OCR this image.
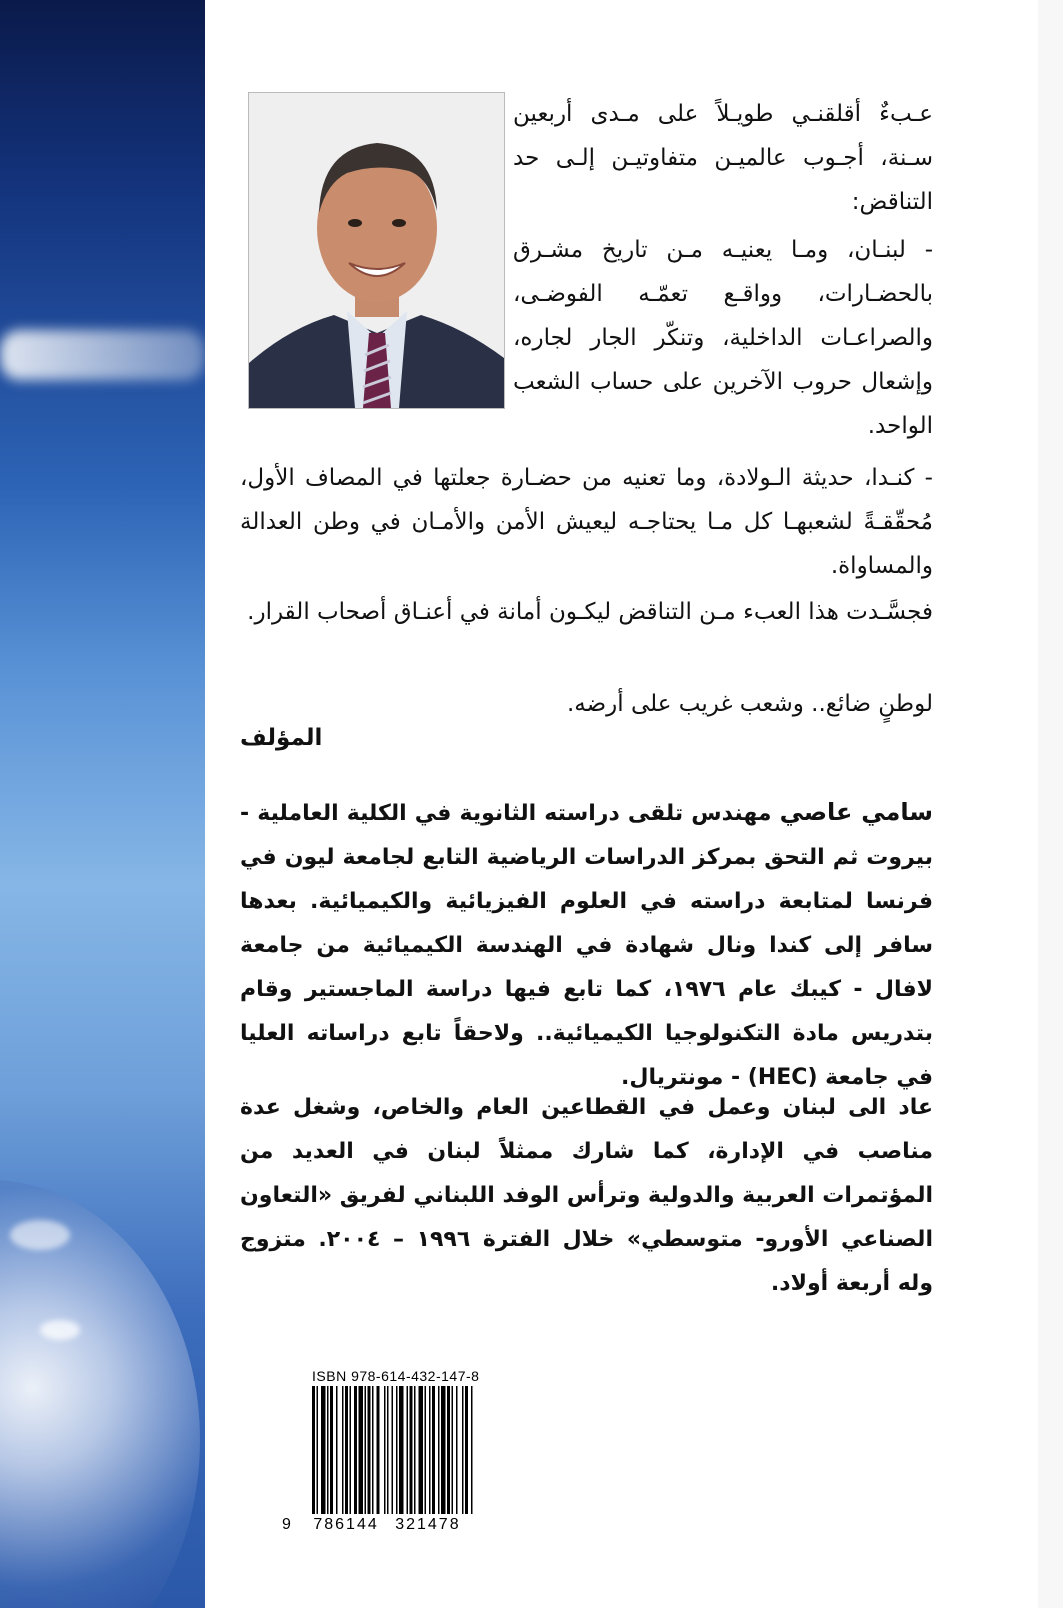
عـبءٌ أقلقنـي طويـلاً على مـدى أربعين سـنة، أجـوب عالميـن متفاوتيـن إلـى حد التناقض:

- لبنـان، ومـا يعنيـه مـن تاريخ مشـرق بالحضـارات، وواقـع تعمّـه الفوضـى، والصراعـات الداخلية، وتنكّر الجار لجاره، وإشعال حروب الآخرين على حساب الشعب الواحد.

- كنـدا، حديثة الـولادة، وما تعنيه من حضـارة جعلتها في المصاف الأول، مُحقّقـةً لشعبهـا كل مـا يحتاجـه ليعيش الأمن والأمـان في وطن العدالة والمساواة.

فجسَّـدت هذا العبء مـن التناقض ليكـون أمانة في أعنـاق أصحاب القرار.

لوطنٍ ضائع.. وشعب غريب على أرضه.

المؤلف

سامي عاصي مهندس تلقى دراسته الثانوية في الكلية العاملية - بيروت ثم التحق بمركز الدراسات الرياضية التابع لجامعة ليون في فرنسا لمتابعة دراسته في العلوم الفيزيائية والكيميائية. بعدها سافر إلى كندا ونال شهادة في الهندسة الكيميائية من جامعة لافال - كيبك عام ١٩٧٦، كما تابع فيها دراسة الماجستير وقام بتدريس مادة التكنولوجيا الكيميائية.. ولاحقاً تابع دراساته العليا في جامعة (HEC) - مونتريال.

عاد الى لبنان وعمل في القطاعين العام والخاص، وشغل عدة مناصب في الإدارة، كما شارك ممثلاً لبنان في العديد من المؤتمرات العربية والدولية وترأس الوفد اللبناني لفريق «التعاون الصناعي الأورو- متوسطي» خلال الفترة ١٩٩٦ – ٢٠٠٤. متزوج وله أربعة أولاد.

ISBN 978-614-432-147-8
9 786144 321478
